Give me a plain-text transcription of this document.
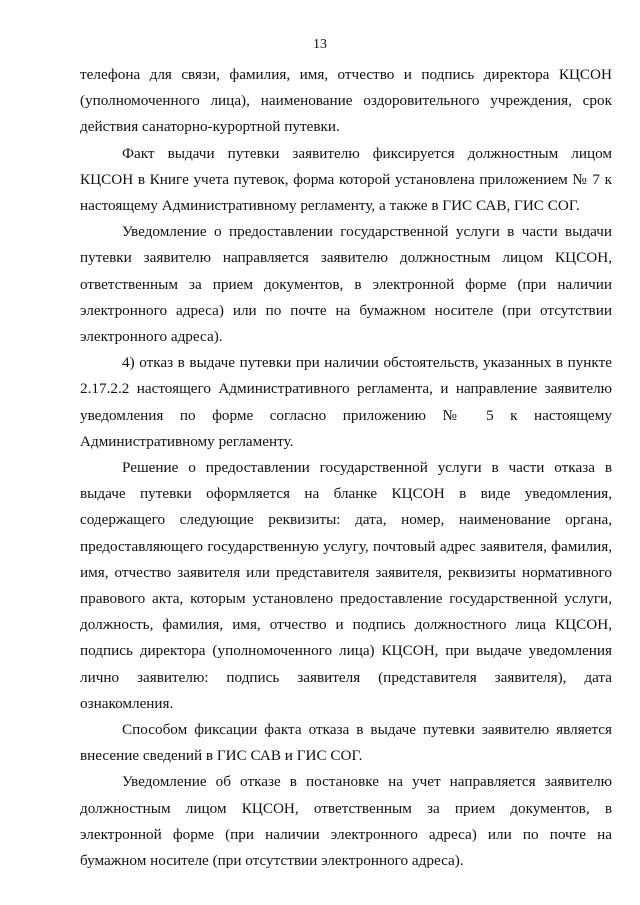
13

телефона для связи, фамилия, имя, отчество и подпись директора КЦСОН (уполномоченного лица), наименование оздоровительного учреждения, срок действия санаторно-курортной путевки.

Факт выдачи путевки заявителю фиксируется должностным лицом КЦСОН в Книге учета путевок, форма которой установлена приложением № 7 к настоящему Административному регламенту, а также в ГИС САВ, ГИС СОГ.

Уведомление о предоставлении государственной услуги в части выдачи путевки заявителю направляется заявителю должностным лицом КЦСОН, ответственным за прием документов, в электронной форме (при наличии электронного адреса) или по почте на бумажном носителе (при отсутствии электронного адреса).

4) отказ в выдаче путевки при наличии обстоятельств, указанных в пункте 2.17.2.2 настоящего Административного регламента, и направление заявителю уведомления по форме согласно приложению № 5 к настоящему Административному регламенту.

Решение о предоставлении государственной услуги в части отказа в выдаче путевки оформляется на бланке КЦСОН в виде уведомления, содержащего следующие реквизиты: дата, номер, наименование органа, предоставляющего государственную услугу, почтовый адрес заявителя, фамилия, имя, отчество заявителя или представителя заявителя, реквизиты нормативного правового акта, которым установлено предоставление государственной услуги, должность, фамилия, имя, отчество и подпись должностного лица КЦСОН, подпись директора (уполномоченного лица) КЦСОН, при выдаче уведомления лично заявителю: подпись заявителя (представителя заявителя), дата ознакомления.

Способом фиксации факта отказа в выдаче путевки заявителю является внесение сведений в ГИС САВ и ГИС СОГ.

Уведомление об отказе в постановке на учет направляется заявителю должностным лицом КЦСОН, ответственным за прием документов, в электронной форме (при наличии электронного адреса) или по почте на бумажном носителе (при отсутствии электронного адреса).
